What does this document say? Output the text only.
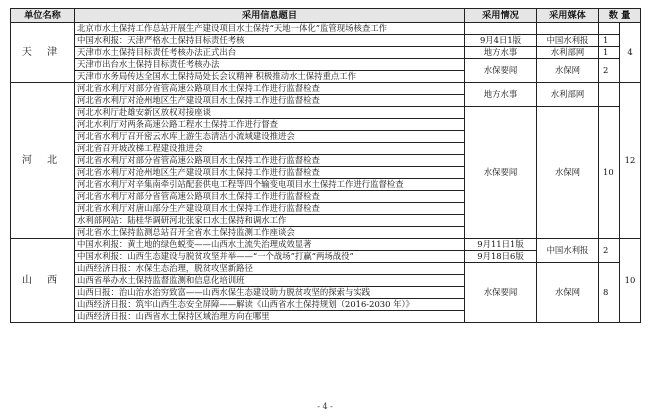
单位名称	采用信息题目	采用情况	采用媒体	数 量	
天 津	北京市水土保持工作总站开展生产建设项目水土保持“天地一体化”监管现场核查工作				4
	中国水利报：天津严格水土保持目标责任考核	9月4日1版	中国水利报	1	
	天津市水土保持目标责任考核办法正式出台	地方水事	水利部网	1	
	天津市出台水土保持目标责任考核办法	水保要闻	水保网	2	
	天津市水务局传达全国水土保持局处长会议精神 积极推动水土保持重点工作				
河 北	河北省水利厅对部分省管高速公路项目水土保持工作进行监督检查	地方水事	水利部网		12
	河北省水利厅对沧州地区生产建设项目水土保持工作进行监督检查				
	河北水利厅赴雄安新区放权对接座谈	水保要闻	水保网	10	
	河北水利厅对两条高速公路工程水土保持工作进行督查				
	河北省水利厅召开密云水库上游生态清洁小流域建设推进会				
	河北省召开坡改梯工程建设推进会				
	河北省水利厅对部分省管高速公路项目水土保持工作进行监督检查				
	河北省水利厅对沧州地区生产建设项目水土保持工作进行监督检查				
	河北省水利厅对辛集南牵引站配套供电工程等四个输变电项目水土保持工作进行监督检查				
	河北省水利厅对部分省管高速公路项目水土保持工作进行监督检查				
	河北省水利厅对唐山部分生产建设项目水土保持工作进行监督检查				
	水利部网站：陆桂华调研河北张家口水土保持和调水工作				
	河北省水土保持监测总站召开全省水土保持监测工作座谈会				
山 西	中国水利报：黄土地的绿色蜕变——山西水土流失治理成效显著	9月11日1版	中国水利报	2	10
	中国水利报：山西生态建设与脱贫攻坚并举——“一个战场”打赢“两场战役”	9月18日6版			
	山西经济日报：水保生态治理，脱贫攻坚新路径	水保要闻	水保网	8	
	山西省举办水土保持监督监测和信息化培训班				
	山西日报：治山治水治穷致富——山西水保生态建设助力脱贫攻坚的探索与实践				
	山西经济日报：筑牢山西生态安全屏障——解读《山西省水土保持规划（2016-2030 年）》				
	山西经济日报：山西省水土保持区域治理方向在哪里				
- 4 -
